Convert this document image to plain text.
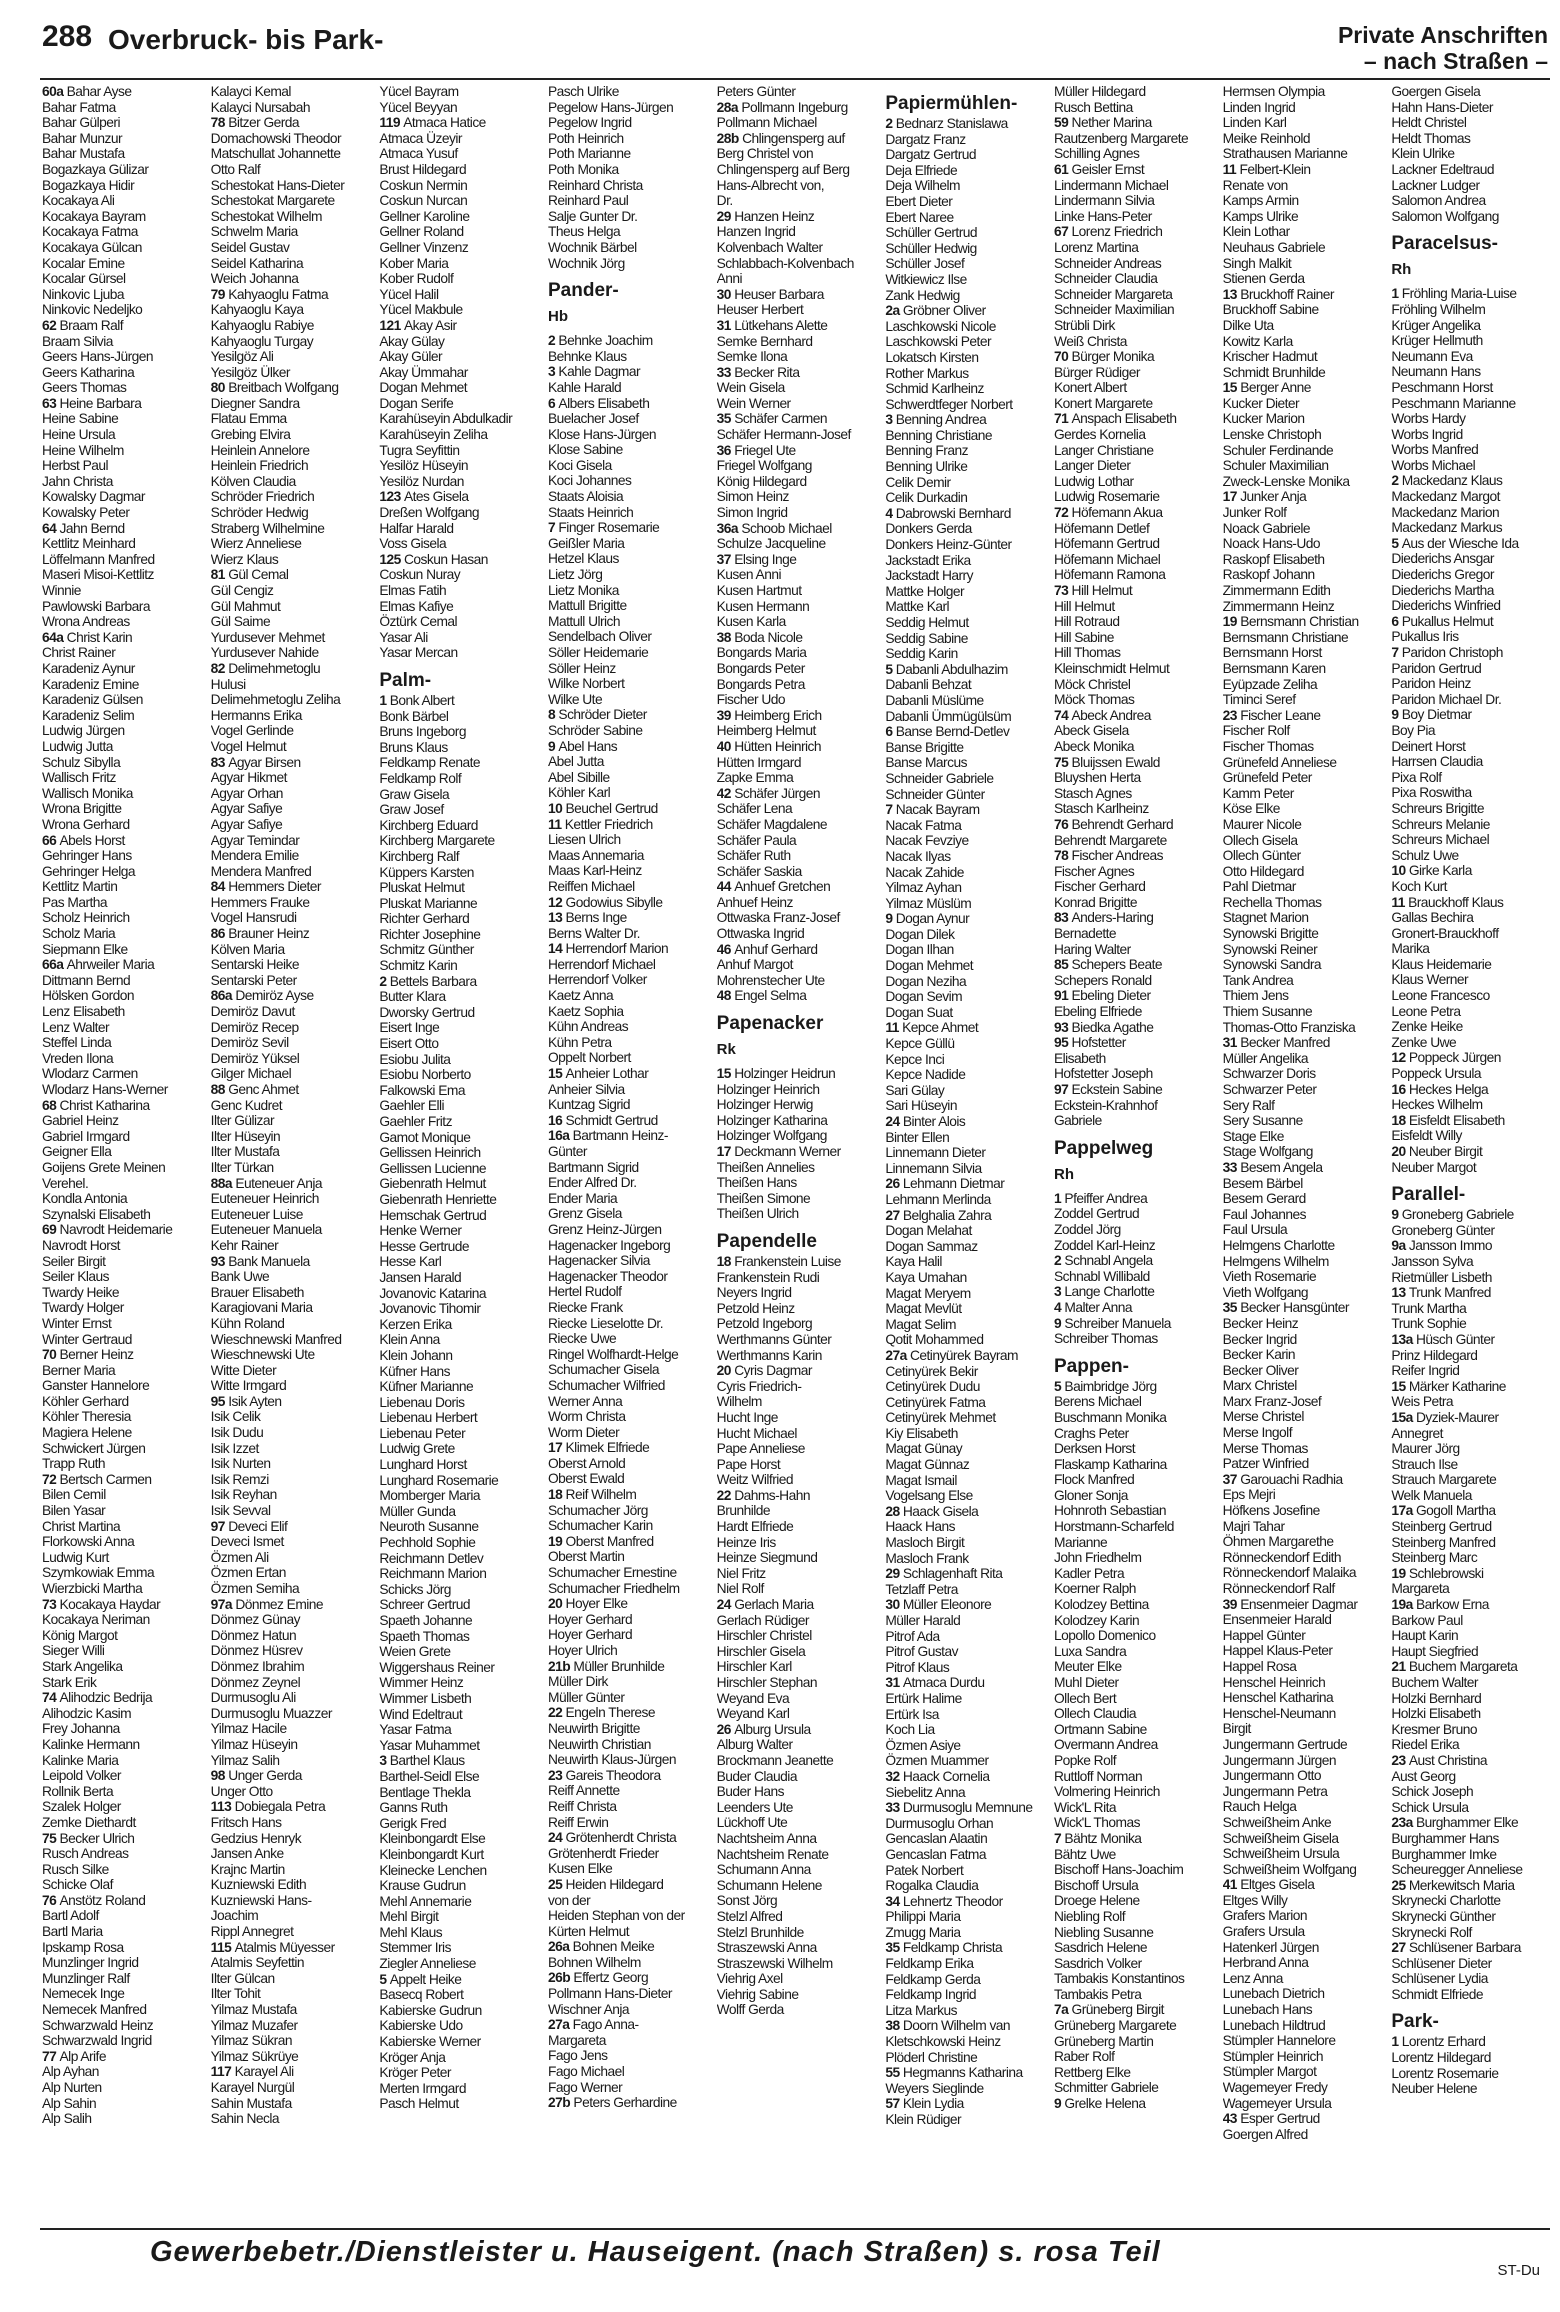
288 Overbruck- bis Park-	Private Anschriften
– nach Straßen –
60a Bahar Ayse
Bahar Fatma
Bahar Gülperi
Bahar Munzur
Bahar Mustafa
Bogazkaya Gülizar
Bogazkaya Hidir
Kocakaya Ali
Kocakaya Bayram
Kocakaya Fatma
Kocakaya Gülcan
Kocalar Emine
Kocalar Gürsel
Ninkovic Ljuba
Ninkovic Nedeljko
62 Braam Ralf
Braam Silvia
Geers Hans-Jürgen
Geers Katharina
Geers Thomas
63 Heine Barbara
Heine Sabine
Heine Ursula
Heine Wilhelm
Herbst Paul
Jahn Christa
Kowalsky Dagmar
Kowalsky Peter
64 Jahn Bernd
Kettlitz Meinhard
Löffelmann Manfred
Maseri Misoi-Kettlitz
Winnie
Pawlowski Barbara
Wrona Andreas
64a Christ Karin
Christ Rainer
Karadeniz Aynur
Karadeniz Emine
Karadeniz Gülsen
Karadeniz Selim
Ludwig Jürgen
Ludwig Jutta
Schulz Sibylla
Wallisch Fritz
Wallisch Monika
Wrona Brigitte
Wrona Gerhard
66 Abels Horst
Gehringer Hans
Gehringer Helga
Kettlitz Martin
Pas Martha
Scholz Heinrich
Scholz Maria
Siepmann Elke
66a Ahrweiler Maria
Dittmann Bernd
Hölsken Gordon
Lenz Elisabeth
Lenz Walter
Steffel Linda
Vreden Ilona
Wlodarz Carmen
Wlodarz Hans-Werner
68 Christ Katharina
Gabriel Heinz
Gabriel Irmgard
Geigner Ella
Goijens Grete Meinen
Verehel.
Kondla Antonia
Szynalski Elisabeth
69 Navrodt Heidemarie
Navrodt Horst
Seiler Birgit
Seiler Klaus
Twardy Heike
Twardy Holger
Winter Ernst
Winter Gertraud
70 Berner Heinz
Berner Maria
Ganster Hannelore
Köhler Gerhard
Köhler Theresia
Magiera Helene
Schwickert Jürgen
Trapp Ruth
72 Bertsch Carmen
Bilen Cemil
Bilen Yasar
Christ Martina
Florkowski Anna
Ludwig Kurt
Szymkowiak Emma
Wierzbicki Martha
73 Kocakaya Haydar
Kocakaya Neriman
König Margot
Sieger Willi
Stark Angelika
Stark Erik
74 Alihodzic Bedrija
Alihodzic Kasim
Frey Johanna
Kalinke Hermann
Kalinke Maria
Leipold Volker
Rollnik Berta
Szalek Holger
Zemke Diethardt
75 Becker Ulrich
Rusch Andreas
Rusch Silke
Schicke Olaf
76 Anstötz Roland
Bartl Adolf
Bartl Maria
Ipskamp Rosa
Munzlinger Ingrid
Munzlinger Ralf
Nemecek Inge
Nemecek Manfred
Schwarzwald Heinz
Schwarzwald Ingrid
77 Alp Arife
Alp Ayhan
Alp Nurten
Alp Sahin
Alp Salih
Kalayci Kemal
Kalayci Nursabah
78 Bitzer Gerda
Domachowski Theodor
Matschullat Johannette
Otto Ralf
Schestokat Hans-Dieter
Schestokat Margarete
Schestokat Wilhelm
Schwelm Maria
Seidel Gustav
Seidel Katharina
Weich Johanna
79 Kahyaoglu Fatma
Kahyaoglu Kaya
Kahyaoglu Rabiye
Kahyaoglu Turgay
Yesilgöz Ali
Yesilgöz Ülker
80 Breitbach Wolfgang
Diegner Sandra
Flatau Emma
Grebing Elvira
Heinlein Annelore
Heinlein Friedrich
Kölven Claudia
Schröder Friedrich
Schröder Hedwig
Straberg Wilhelmine
Wierz Anneliese
Wierz Klaus
81 Gül Cemal
Gül Cengiz
Gül Mahmut
Gül Saime
Yurdusever Mehmet
Yurdusever Nahide
82 Delimehmetoglu
Hulusi
Delimehmetoglu Zeliha
Hermanns Erika
Vogel Gerlinde
Vogel Helmut
83 Agyar Birsen
Agyar Hikmet
Agyar Orhan
Agyar Safiye
Agyar Safiye
Agyar Temindar
Mendera Emilie
Mendera Manfred
84 Hemmers Dieter
Hemmers Frauke
Vogel Hansrudi
86 Brauner Heinz
Kölven Maria
Sentarski Heike
Sentarski Peter
86a Demiröz Ayse
Demiröz Davut
Demiröz Recep
Demiröz Sevil
Demiröz Yüksel
Gilger Michael
88 Genc Ahmet
Genc Kudret
Ilter Gülizar
Ilter Hüseyin
Ilter Mustafa
Ilter Türkan
88a Euteneuer Anja
Euteneuer Heinrich
Euteneuer Luise
Euteneuer Manuela
Kehr Rainer
93 Bank Manuela
Bank Uwe
Brauer Elisabeth
Karagiovani Maria
Kühn Roland
Wieschnewski Manfred
Wieschnewski Ute
Witte Dieter
Witte Irmgard
95 Isik Ayten
Isik Celik
Isik Dudu
Isik Izzet
Isik Nurten
Isik Remzi
Isik Reyhan
Isik Sevval
97 Deveci Elif
Deveci Ismet
Özmen Ali
Özmen Ertan
Özmen Semiha
97a Dönmez Emine
Dönmez Günay
Dönmez Hatun
Dönmez Hüsrev
Dönmez Ibrahim
Dönmez Zeynel
Durmusoglu Ali
Durmusoglu Muazzer
Yilmaz Hacile
Yilmaz Hüseyin
Yilmaz Salih
98 Unger Gerda
Unger Otto
113 Dobiegala Petra
Fritsch Hans
Gedzius Henryk
Jansen Anke
Krajnc Martin
Kuzniewski Edith
Kuzniewski Hans-
Joachim
Rippl Annegret
115 Atalmis Müyesser
Atalmis Seyfettin
Ilter Gülcan
Ilter Tohit
Yilmaz Mustafa
Yilmaz Muzafer
Yilmaz Sükran
Yilmaz Sükrüye
117 Karayel Ali
Karayel Nurgül
Sahin Mustafa
Sahin Necla
Yücel Bayram
Yücel Beyyan
119 Atmaca Hatice
Atmaca Üzeyir
Atmaca Yusuf
Brust Hildegard
Coskun Nermin
Coskun Nurcan
Gellner Karoline
Gellner Roland
Gellner Vinzenz
Kober Maria
Kober Rudolf
Yücel Halil
Yücel Makbule
121 Akay Asir
Akay Gülay
Akay Güler
Akay Ümmahar
Dogan Mehmet
Dogan Serife
Karahüseyin Abdulkadir
Karahüseyin Zeliha
Tugra Seyfittin
Yesilöz Hüseyin
Yesilöz Nurdan
123 Ates Gisela
Dreßen Wolfgang
Halfar Harald
Voss Gisela
125 Coskun Hasan
Coskun Nuray
Elmas Fatih
Elmas Kafiye
Öztürk Cemal
Yasar Ali
Yasar Mercan
Palm-
1 Bonk Albert
Bonk Bärbel
Bruns Ingeborg
Bruns Klaus
Feldkamp Renate
Feldkamp Rolf
Graw Gisela
Graw Josef
Kirchberg Eduard
Kirchberg Margarete
Kirchberg Ralf
Küppers Karsten
Pluskat Helmut
Pluskat Marianne
Richter Gerhard
Richter Josephine
Schmitz Günther
Schmitz Karin
2 Bettels Barbara
Butter Klara
Dworsky Gertrud
Eisert Inge
Eisert Otto
Esiobu Julita
Esiobu Norberto
Falkowski Ema
Gaehler Elli
Gaehler Fritz
Gamot Monique
Gellissen Heinrich
Gellissen Lucienne
Giebenrath Helmut
Giebenrath Henriette
Hemschak Gertrud
Henke Werner
Hesse Gertrude
Hesse Karl
Jansen Harald
Jovanovic Katarina
Jovanovic Tihomir
Kerzen Erika
Klein Anna
Klein Johann
Küfner Hans
Küfner Marianne
Liebenau Doris
Liebenau Herbert
Liebenau Peter
Ludwig Grete
Lunghard Horst
Lunghard Rosemarie
Momberger Maria
Müller Gunda
Neuroth Susanne
Pechhold Sophie
Reichmann Detlev
Reichmann Marion
Schicks Jörg
Schreer Gertrud
Spaeth Johanne
Spaeth Thomas
Weien Grete
Wiggershaus Reiner
Wimmer Heinz
Wimmer Lisbeth
Wind Edeltraut
Yasar Fatma
Yasar Muhammet
3 Barthel Klaus
Barthel-Seidl Else
Bentlage Thekla
Ganns Ruth
Gerigk Fred
Kleinbongardt Else
Kleinbongardt Kurt
Kleinecke Lenchen
Krause Gudrun
Mehl Annemarie
Mehl Birgit
Mehl Klaus
Stemmer Iris
Ziegler Anneliese
5 Appelt Heike
Basecq Robert
Kabierske Gudrun
Kabierske Udo
Kabierske Werner
Kröger Anja
Kröger Peter
Merten Irmgard
Pasch Helmut
Pasch Ulrike
Pegelow Hans-Jürgen
Pegelow Ingrid
Poth Heinrich
Poth Marianne
Poth Monika
Reinhard Christa
Reinhard Paul
Salje Gunter Dr.
Theus Helga
Wochnik Bärbel
Wochnik Jörg
Pander-
Hb
2 Behnke Joachim
Behnke Klaus
3 Kahle Dagmar
Kahle Harald
6 Albers Elisabeth
Buelacher Josef
Klose Hans-Jürgen
Klose Sabine
Koci Gisela
Koci Johannes
Staats Aloisia
Staats Heinrich
7 Finger Rosemarie
Geißler Maria
Hetzel Klaus
Lietz Jörg
Lietz Monika
Mattull Brigitte
Mattull Ulrich
Sendelbach Oliver
Söller Heidemarie
Söller Heinz
Wilke Norbert
Wilke Ute
8 Schröder Dieter
Schröder Sabine
9 Abel Hans
Abel Jutta
Abel Sibille
Köhler Karl
10 Beuchel Gertrud
11 Kettler Friedrich
Liesen Ulrich
Maas Annemaria
Maas Karl-Heinz
Reiffen Michael
12 Godowius Sibylle
13 Berns Inge
Berns Walter Dr.
14 Herrendorf Marion
Herrendorf Michael
Herrendorf Volker
Kaetz Anna
Kaetz Sophia
Kühn Andreas
Kühn Petra
Oppelt Norbert
15 Anheier Lothar
Anheier Silvia
Kuntzag Sigrid
16 Schmidt Gertrud
16a Bartmann Heinz-
Günter
Bartmann Sigrid
Ender Alfred Dr.
Ender Maria
Grenz Gisela
Grenz Heinz-Jürgen
Hagenacker Ingeborg
Hagenacker Silvia
Hagenacker Theodor
Hertel Rudolf
Riecke Frank
Riecke Lieselotte Dr.
Riecke Uwe
Ringel Wolfhardt-Helge
Schumacher Gisela
Schumacher Wilfried
Werner Anna
Worm Christa
Worm Dieter
17 Klimek Elfriede
Oberst Arnold
Oberst Ewald
18 Reif Wilhelm
Schumacher Jörg
Schumacher Karin
19 Oberst Manfred
Oberst Martin
Schumacher Ernestine
Schumacher Friedhelm
20 Hoyer Elke
Hoyer Gerhard
Hoyer Gerhard
Hoyer Ulrich
21b Müller Brunhilde
Müller Dirk
Müller Günter
22 Engeln Therese
Neuwirth Brigitte
Neuwirth Christian
Neuwirth Klaus-Jürgen
23 Gareis Theodora
Reiff Annette
Reiff Christa
Reiff Erwin
24 Grötenherdt Christa
Grötenherdt Frieder
Kusen Elke
25 Heiden Hildegard
von der
Heiden Stephan von der
Kürten Helmut
26a Bohnen Meike
Bohnen Wilhelm
26b Effertz Georg
Pollmann Hans-Dieter
Wischner Anja
27a Fago Anna-
Margareta
Fago Jens
Fago Michael
Fago Werner
27b Peters Gerhardine
Peters Günter
28a Pollmann Ingeburg
Pollmann Michael
28b Chlingensperg auf
Berg Christel von
Chlingensperg auf Berg
Hans-Albrecht von,
Dr.
29 Hanzen Heinz
Hanzen Ingrid
Kolvenbach Walter
Schlabbach-Kolvenbach
Anni
30 Heuser Barbara
Heuser Herbert
31 Lütkehans Alette
Semke Bernhard
Semke Ilona
33 Becker Rita
Wein Gisela
Wein Werner
35 Schäfer Carmen
Schäfer Hermann-Josef
36 Friegel Ute
Friegel Wolfgang
König Hildegard
Simon Heinz
Simon Ingrid
36a Schoob Michael
Schulze Jacqueline
37 Elsing Inge
Kusen Anni
Kusen Hartmut
Kusen Hermann
Kusen Karla
38 Boda Nicole
Bongards Maria
Bongards Peter
Bongards Petra
Fischer Udo
39 Heimberg Erich
Heimberg Helmut
40 Hütten Heinrich
Hütten Irmgard
Zapke Emma
42 Schäfer Jürgen
Schäfer Lena
Schäfer Magdalene
Schäfer Paula
Schäfer Ruth
Schäfer Saskia
44 Anhuef Gretchen
Anhuef Heinz
Ottwaska Franz-Josef
Ottwaska Ingrid
46 Anhuf Gerhard
Anhuf Margot
Mohrenstecher Ute
48 Engel Selma
Papenacker
Rk
15 Holzinger Heidrun
Holzinger Heinrich
Holzinger Herwig
Holzinger Katharina
Holzinger Wolfgang
17 Deckmann Werner
Theißen Annelies
Theißen Hans
Theißen Simone
Theißen Ulrich
Papendelle
18 Frankenstein Luise
Frankenstein Rudi
Neyers Ingrid
Petzold Heinz
Petzold Ingeborg
Werthmanns Günter
Werthmanns Karin
20 Cyris Dagmar
Cyris Friedrich-
Wilhelm
Hucht Inge
Hucht Michael
Pape Anneliese
Pape Horst
Weitz Wilfried
22 Dahms-Hahn
Brunhilde
Hardt Elfriede
Heinze Iris
Heinze Siegmund
Niel Fritz
Niel Rolf
24 Gerlach Maria
Gerlach Rüdiger
Hirschler Christel
Hirschler Gisela
Hirschler Karl
Hirschler Stephan
Weyand Eva
Weyand Karl
26 Alburg Ursula
Alburg Walter
Brockmann Jeanette
Buder Claudia
Buder Hans
Leenders Ute
Lückhoff Ute
Nachtsheim Anna
Nachtsheim Renate
Schumann Anna
Schumann Helene
Sonst Jörg
Stelzl Alfred
Stelzl Brunhilde
Straszewski Anna
Straszewski Wilhelm
Viehrig Axel
Viehrig Sabine
Wolff Gerda
Papiermühlen-
2 Bednarz Stanislawa
Dargatz Franz
Dargatz Gertrud
Deja Elfriede
Deja Wilhelm
Ebert Dieter
Ebert Naree
Schüller Gertrud
Schüller Hedwig
Schüller Josef
Witkiewicz Ilse
Zank Hedwig
2a Gröbner Oliver
Laschkowski Nicole
Laschkowski Peter
Lokatsch Kirsten
Rother Markus
Schmid Karlheinz
Schwerdtfeger Norbert
3 Benning Andrea
Benning Christiane
Benning Franz
Benning Ulrike
Celik Demir
Celik Durkadin
4 Dabrowski Bernhard
Donkers Gerda
Donkers Heinz-Günter
Jackstadt Erika
Jackstadt Harry
Mattke Holger
Mattke Karl
Seddig Helmut
Seddig Sabine
Seddig Karin
5 Dabanli Abdulhazim
Dabanli Behzat
Dabanli Müslüme
Dabanli Ümmügülsüm
6 Banse Bernd-Detlev
Banse Brigitte
Banse Marcus
Schneider Gabriele
Schneider Günter
7 Nacak Bayram
Nacak Fatma
Nacak Fevziye
Nacak Ilyas
Nacak Zahide
Yilmaz Ayhan
Yilmaz Müslüm
9 Dogan Aynur
Dogan Dilek
Dogan Ilhan
Dogan Mehmet
Dogan Neziha
Dogan Sevim
Dogan Suat
11 Kepce Ahmet
Kepce Güllü
Kepce Inci
Kepce Nadide
Sari Gülay
Sari Hüseyin
24 Binter Alois
Binter Ellen
Linnemann Dieter
Linnemann Silvia
26 Lehmann Dietmar
Lehmann Merlinda
27 Belghalia Zahra
Dogan Melahat
Dogan Sammaz
Kaya Halil
Kaya Umahan
Magat Meryem
Magat Mevlüt
Magat Selim
Qotit Mohammed
27a Cetinyürek Bayram
Cetinyürek Bekir
Cetinyürek Dudu
Cetinyürek Fatma
Cetinyürek Mehmet
Kiy Elisabeth
Magat Günay
Magat Günnaz
Magat Ismail
Vogelsang Else
28 Haack Gisela
Haack Hans
Masloch Birgit
Masloch Frank
29 Schlagenhaft Rita
Tetzlaff Petra
30 Müller Eleonore
Müller Harald
Pitrof Ada
Pitrof Gustav
Pitrof Klaus
31 Atmaca Durdu
Ertürk Halime
Ertürk Isa
Koch Lia
Özmen Asiye
Özmen Muammer
32 Haack Cornelia
Siebelitz Anna
33 Durmusoglu Memnune
Durmusoglu Orhan
Gencaslan Alaatin
Gencaslan Fatma
Patek Norbert
Rogalka Claudia
34 Lehnertz Theodor
Philippi Maria
Zmugg Maria
35 Feldkamp Christa
Feldkamp Erika
Feldkamp Gerda
Feldkamp Ingrid
Litza Markus
38 Doorn Wilhelm van
Kletschkowski Heinz
Plöderl Christine
55 Hegmanns Katharina
Weyers Sieglinde
57 Klein Lydia
Klein Rüdiger
Müller Hildegard
Rusch Bettina
59 Nether Marina
Rautzenberg Margarete
Schilling Agnes
61 Geisler Ernst
Lindermann Michael
Lindermann Silvia
Linke Hans-Peter
67 Lorenz Friedrich
Lorenz Martina
Schneider Andreas
Schneider Claudia
Schneider Margareta
Schneider Maximilian
Strübli Dirk
Weiß Christa
70 Bürger Monika
Bürger Rüdiger
Konert Albert
Konert Margarete
71 Anspach Elisabeth
Gerdes Kornelia
Langer Christiane
Langer Dieter
Ludwig Lothar
Ludwig Rosemarie
72 Höfemann Akua
Höfemann Detlef
Höfemann Gertrud
Höfemann Michael
Höfemann Ramona
73 Hill Helmut
Hill Helmut
Hill Rotraud
Hill Sabine
Hill Thomas
Kleinschmidt Helmut
Möck Christel
Möck Thomas
74 Abeck Andrea
Abeck Gisela
Abeck Monika
75 Bluijssen Ewald
Bluyshen Herta
Stasch Agnes
Stasch Karlheinz
76 Behrendt Gerhard
Behrendt Margarete
78 Fischer Andreas
Fischer Agnes
Fischer Gerhard
Konrad Brigitte
83 Anders-Haring
Bernadette
Haring Walter
85 Schepers Beate
Schepers Ronald
91 Ebeling Dieter
Ebeling Elfriede
93 Biedka Agathe
95 Hofstetter
Elisabeth
Hofstetter Joseph
97 Eckstein Sabine
Eckstein-Krahnhof
Gabriele
Pappelweg
Rh
1 Pfeiffer Andrea
Zoddel Gertrud
Zoddel Jörg
Zoddel Karl-Heinz
2 Schnabl Angela
Schnabl Willibald
3 Lange Charlotte
4 Malter Anna
9 Schreiber Manuela
Schreiber Thomas
Pappen-
5 Baimbridge Jörg
Berens Michael
Buschmann Monika
Craghs Peter
Derksen Horst
Flaskamp Katharina
Flock Manfred
Gloner Sonja
Hohnroth Sebastian
Horstmann-Scharfeld
Marianne
John Friedhelm
Kadler Petra
Koerner Ralph
Kolodzey Bettina
Kolodzey Karin
Lopollo Domenico
Luxa Sandra
Meuter Elke
Muhl Dieter
Ollech Bert
Ollech Claudia
Ortmann Sabine
Overmann Andrea
Popke Rolf
Ruttloff Norman
Volmering Heinrich
Wick'L Rita
Wick'L Thomas
7 Bähtz Monika
Bähtz Uwe
Bischoff Hans-Joachim
Bischoff Ursula
Droege Helene
Niebling Rolf
Niebling Susanne
Sasdrich Helene
Sasdrich Volker
Tambakis Konstantinos
Tambakis Petra
7a Grüneberg Birgit
Grüneberg Margarete
Grüneberg Martin
Raber Rolf
Rettberg Elke
Schmitter Gabriele
9 Grelke Helena
Hermsen Olympia
Linden Ingrid
Linden Karl
Meike Reinhold
Strathausen Marianne
11 Felbert-Klein
Renate von
Kamps Armin
Kamps Ulrike
Klein Lothar
Neuhaus Gabriele
Singh Malkit
Stienen Gerda
13 Bruckhoff Rainer
Bruckhoff Sabine
Dilke Uta
Kowitz Karla
Krischer Hadmut
Schmidt Brunhilde
15 Berger Anne
Kucker Dieter
Kucker Marion
Lenske Christoph
Schuler Ferdinande
Schuler Maximilian
Zweck-Lenske Monika
17 Junker Anja
Junker Rolf
Noack Gabriele
Noack Hans-Udo
Raskopf Elisabeth
Raskopf Johann
Zimmermann Edith
Zimmermann Heinz
19 Bernsmann Christian
Bernsmann Christiane
Bernsmann Horst
Bernsmann Karen
Eyüpzade Zeliha
Timinci Seref
23 Fischer Leane
Fischer Rolf
Fischer Thomas
Grünefeld Anneliese
Grünefeld Peter
Kamm Peter
Köse Elke
Maurer Nicole
Ollech Gisela
Ollech Günter
Otto Hildegard
Pahl Dietmar
Rechella Thomas
Stagnet Marion
Synowski Brigitte
Synowski Reiner
Synowski Sandra
Tank Andrea
Thiem Jens
Thiem Susanne
Thomas-Otto Franziska
31 Becker Manfred
Müller Angelika
Schwarzer Doris
Schwarzer Peter
Sery Ralf
Sery Susanne
Stage Elke
Stage Wolfgang
33 Besem Angela
Besem Bärbel
Besem Gerard
Faul Johannes
Faul Ursula
Helmgens Charlotte
Helmgens Wilhelm
Vieth Rosemarie
Vieth Wolfgang
35 Becker Hansgünter
Becker Heinz
Becker Ingrid
Becker Karin
Becker Oliver
Marx Christel
Marx Franz-Josef
Merse Christel
Merse Ingolf
Merse Thomas
Patzer Winfried
37 Garouachi Radhia
Eps Mejri
Höfkens Josefine
Majri Tahar
Öhmen Margarethe
Rönneckendorf Edith
Rönneckendorf Malaika
Rönneckendorf Ralf
39 Ensenmeier Dagmar
Ensenmeier Harald
Happel Günter
Happel Klaus-Peter
Happel Rosa
Henschel Heinrich
Henschel Katharina
Henschel-Neumann
Birgit
Jungermann Gertrude
Jungermann Jürgen
Jungermann Otto
Jungermann Petra
Rauch Helga
Schweißheim Anke
Schweißheim Gisela
Schweißheim Ursula
Schweißheim Wolfgang
41 Eltges Gisela
Eltges Willy
Grafers Marion
Grafers Ursula
Hatenkerl Jürgen
Herbrand Anna
Lenz Anna
Lunebach Dietrich
Lunebach Hans
Lunebach Hildtrud
Stümpler Hannelore
Stümpler Heinrich
Stümpler Margot
Wagemeyer Fredy
Wagemeyer Ursula
43 Esper Gertrud
Goergen Alfred
Goergen Gisela
Hahn Hans-Dieter
Heldt Christel
Heldt Thomas
Klein Ulrike
Lackner Edeltraud
Lackner Ludger
Salomon Andrea
Salomon Wolfgang
Paracelsus-
Rh
1 Fröhling Maria-Luise
Fröhling Wilhelm
Krüger Angelika
Krüger Hellmuth
Neumann Eva
Neumann Hans
Peschmann Horst
Peschmann Marianne
Worbs Hardy
Worbs Ingrid
Worbs Manfred
Worbs Michael
2 Mackedanz Klaus
Mackedanz Margot
Mackedanz Marion
Mackedanz Markus
5 Aus der Wiesche Ida
Diederichs Ansgar
Diederichs Gregor
Diederichs Martha
Diederichs Winfried
6 Pukallus Helmut
Pukallus Iris
7 Paridon Christoph
Paridon Gertrud
Paridon Heinz
Paridon Michael Dr.
9 Boy Dietmar
Boy Pia
Deinert Horst
Harrsen Claudia
Pixa Rolf
Pixa Roswitha
Schreurs Brigitte
Schreurs Melanie
Schreurs Michael
Schulz Uwe
10 Girke Karla
Koch Kurt
11 Brauckhoff Klaus
Gallas Bechira
Gronert-Brauckhoff
Marika
Klaus Heidemarie
Klaus Werner
Leone Francesco
Leone Petra
Zenke Heike
Zenke Uwe
12 Poppeck Jürgen
Poppeck Ursula
16 Heckes Helga
Heckes Wilhelm
18 Eisfeldt Elisabeth
Eisfeldt Willy
20 Neuber Birgit
Neuber Margot
Parallel-
9 Groneberg Gabriele
Groneberg Günter
9a Jansson Immo
Jansson Sylva
Rietmüller Lisbeth
13 Trunk Manfred
Trunk Martha
Trunk Sophie
13a Hüsch Günter
Prinz Hildegard
Reifer Ingrid
15 Märker Katharine
Weis Petra
15a Dyziek-Maurer
Annegret
Maurer Jörg
Strauch Ilse
Strauch Margarete
Welk Manuela
17a Gogoll Martha
Steinberg Gertrud
Steinberg Manfred
Steinberg Marc
19 Schlebrowski
Margareta
19a Barkow Erna
Barkow Paul
Haupt Karin
Haupt Siegfried
21 Buchem Margareta
Buchem Walter
Holzki Bernhard
Holzki Elisabeth
Kresmer Bruno
Riedel Erika
23 Aust Christina
Aust Georg
Schick Joseph
Schick Ursula
23a Burghammer Elke
Burghammer Hans
Burghammer Imke
Scheuregger Anneliese
25 Merkewitsch Maria
Skrynecki Charlotte
Skrynecki Günther
Skrynecki Rolf
27 Schlüsener Barbara
Schlüsener Dieter
Schlüsener Lydia
Schmidt Elfriede
Park-
1 Lorentz Erhard
Lorentz Hildegard
Lorentz Rosemarie
Neuber Helene
Gewerbebetr./Dienstleister u. Hauseigent. (nach Straßen) s. rosa Teil
ST-Du
